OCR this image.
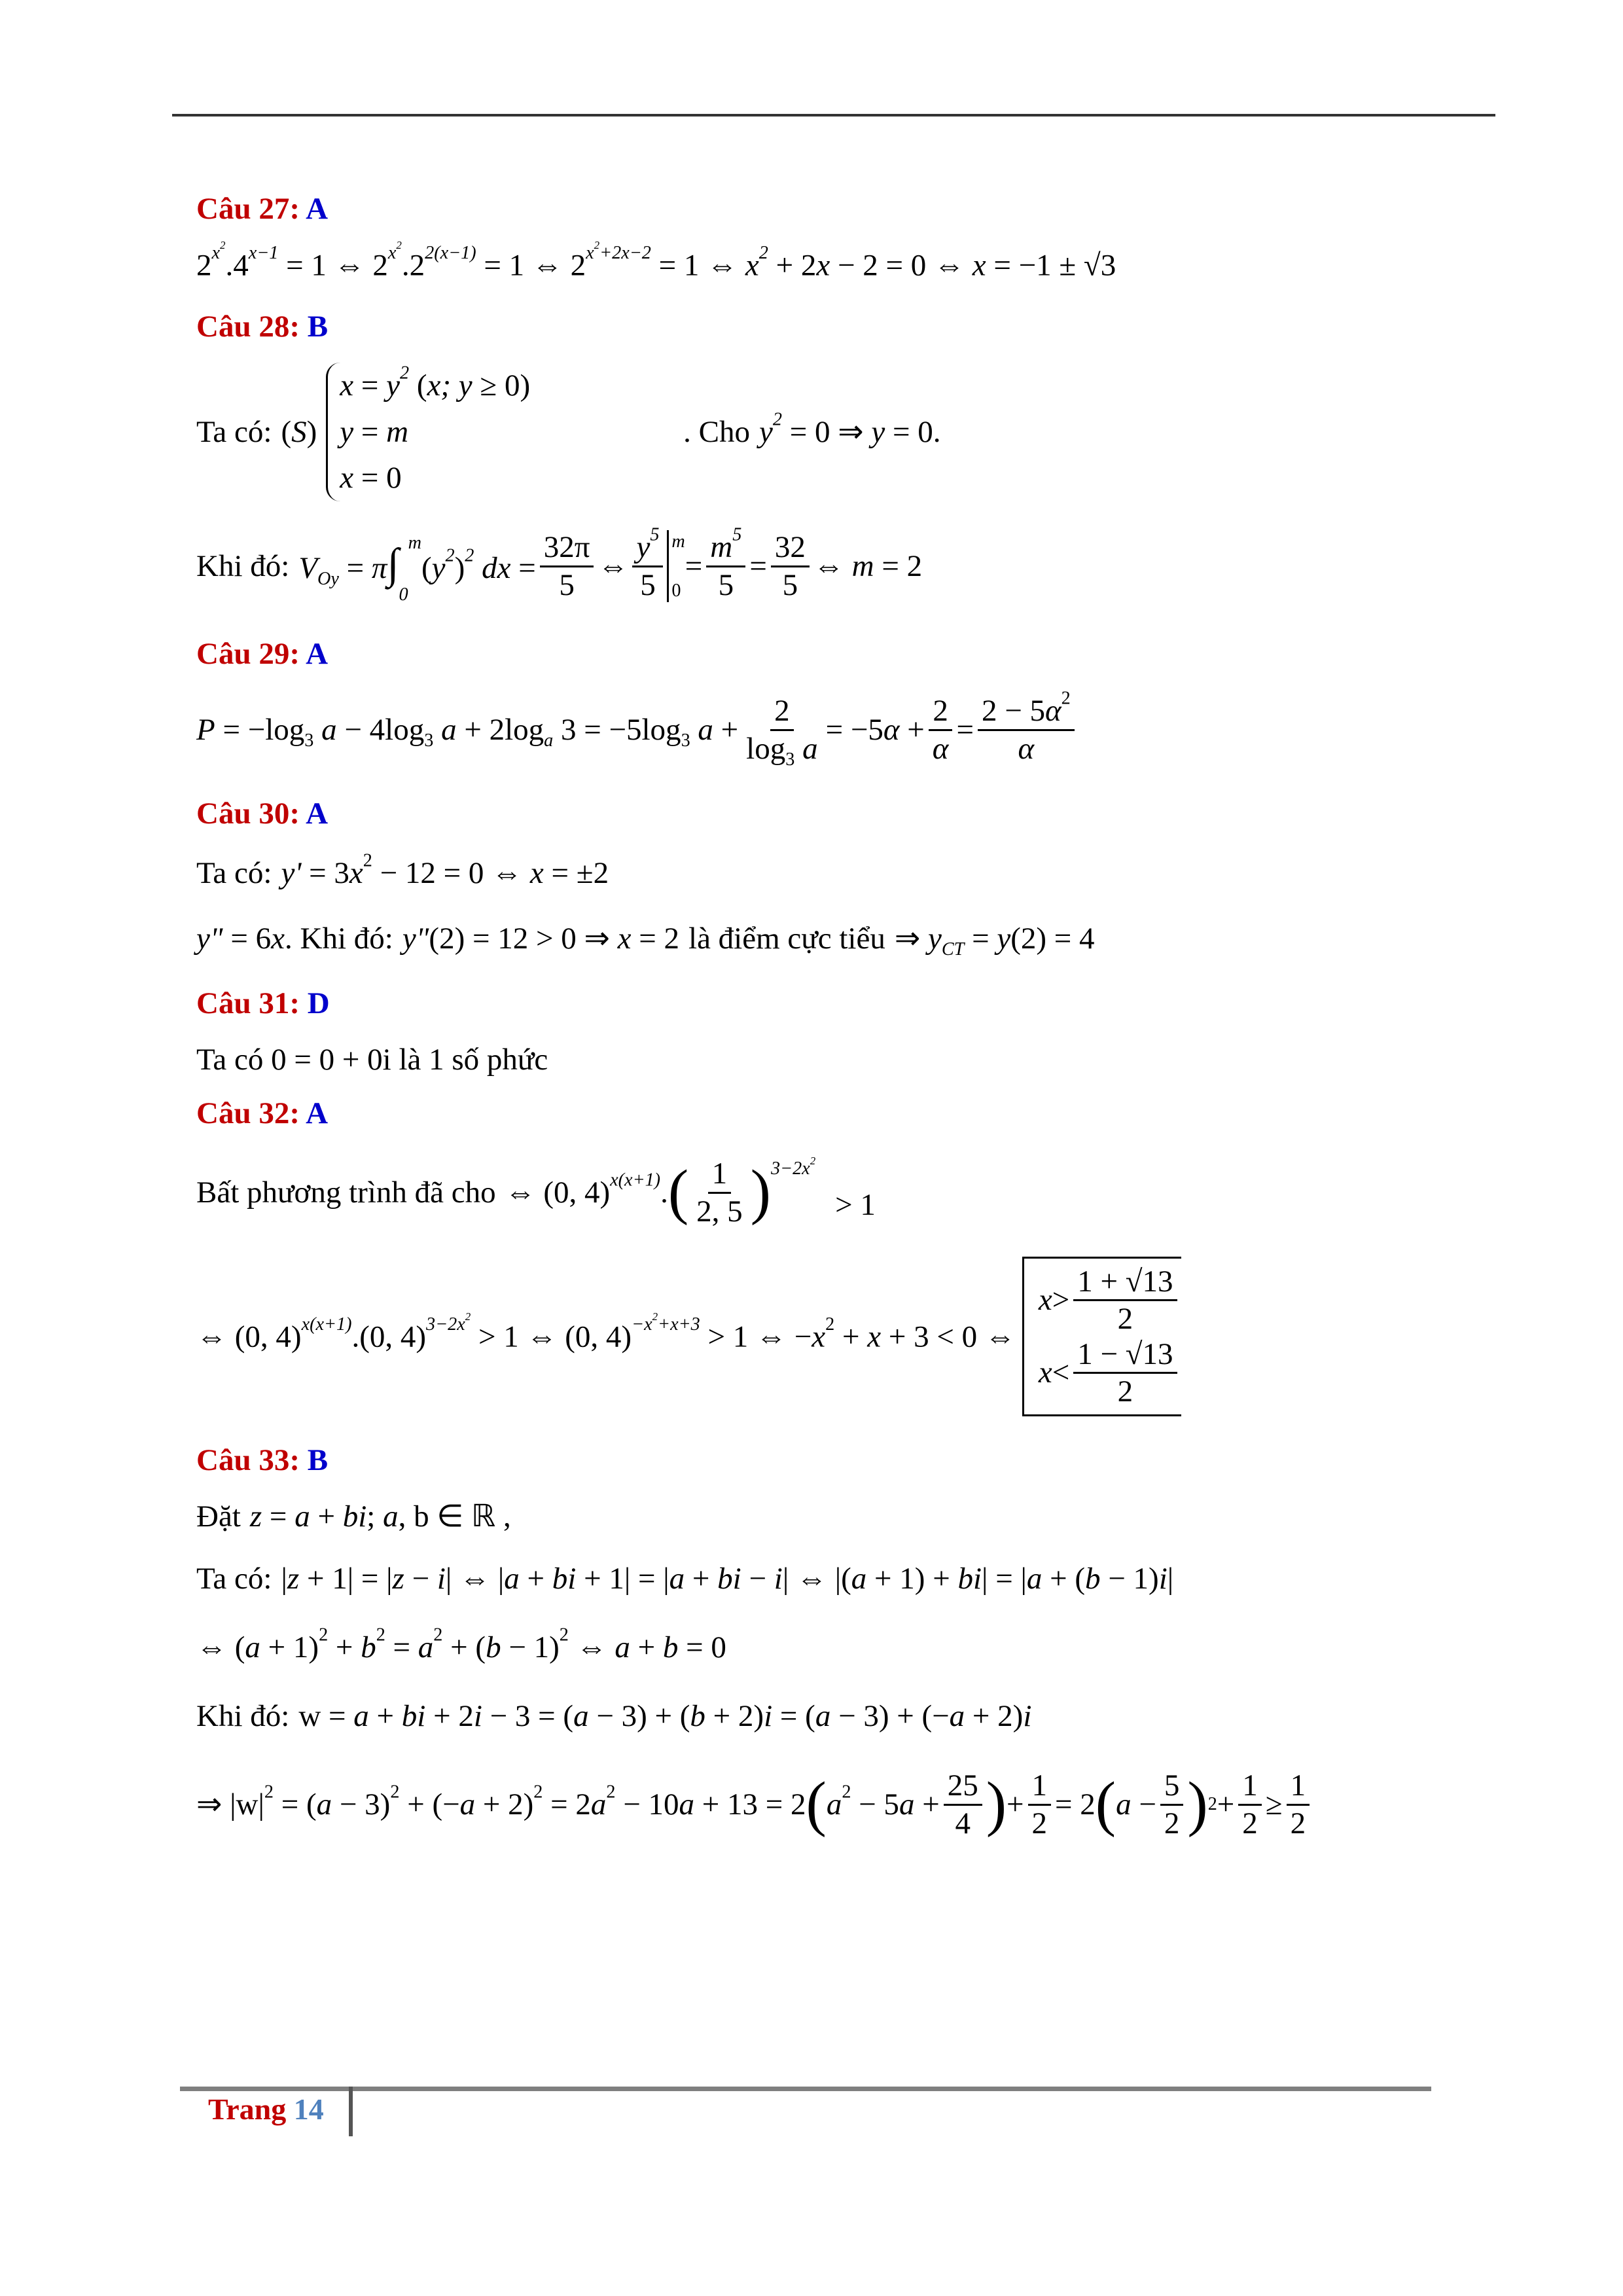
Câu 27: A
$2^{x^2}.4^{x-1} = 1$ ⇔ $2^{x^2}.2^{2(x-1)} = 1$ ⇔ $2^{x^2+2x-2} = 1$ ⇔ $x^2 + 2x - 2 = 0$ ⇔ x = −1 ± √3
Câu 28: B
Ta có: (S)
$x = y^2$ (x; y ≥ 0)
y = m
x = 0
. Cho $y^2 = 0$ ⇒ y = 0.
Khi đó: $V_{Oy} = \pi\int_0^m(y^2)^2$ dx = $\frac{32\pi}{5}$ ⇔ $\frac{y^5}{5}$ m
0
= $\frac{m^5}{5} = \frac{32}{5}$ ⇔ m = 2
Câu 29: A
$P = -\log_3$ $a - 4\log_3$ $a + 2\log_a$ $3 = -5\log_3$ $a + \frac{2}{\log_3 a} = -5\alpha + \frac{2}{\alpha} = \frac{2 - 5\alpha^2}{\alpha}$
Câu 30: A
Ta có: $y' = 3x^2 - 12 = 0$ ⇔ x = ±2
y" = 6x . Khi đó: y"(2) = 12 > 0 ⇒ x = 2 là điểm cực tiểu ⇒ $y_{CT} = y(2) = 4$
Câu 31: D
Ta có 0 = 0 + 0i là 1 số phức
Câu 32: A
Bất phương trình đã cho ⇔ (0, 4)$^{x(x+1)}$. ( $\frac{1}{2, 5}$ ) $^{3-2x^2}$> 1
⇔ (0, 4)$^{x(x+1)}$.(0, 4)$^{3-2x^2}$ > 1 ⇔ (0, 4)$^{-x^2+x+3}$ > 1 ⇔ $-x^2 + x + 3 < 0$ ⇔
$x > \frac{1 + √13}{2}$
$x < \frac{1 - √13}{2}$
Câu 33: B
Đặt z = a + bi; a, b ∈ ℝ ,
Ta có: |z + 1| = |z − i| ⇔ |a + bi + 1| = |a + bi − i| ⇔ |(a + 1) + bi| = |a + (b − 1)i|
⇔ $(a + 1)^2 + b^2 = a^2 + (b - 1)^2$ ⇔ a + b = 0
Khi đó: w = a + bi + 2i − 3 = (a − 3) + (b + 2)i = (a − 3) + (−a + 2)i
⇒ $|w|^2 = (a - 3)^2 + (-a + 2)^2 = 2a^2 - 10a + 13 = 2$ ( $a^2 - 5a + \frac{25}{4}$ ) + $\frac{1}{2} = 2$ ( $a - \frac{5}{2}$ ) $2 + \frac{1}{2} \ge \frac{1}{2}$
Trang 14
